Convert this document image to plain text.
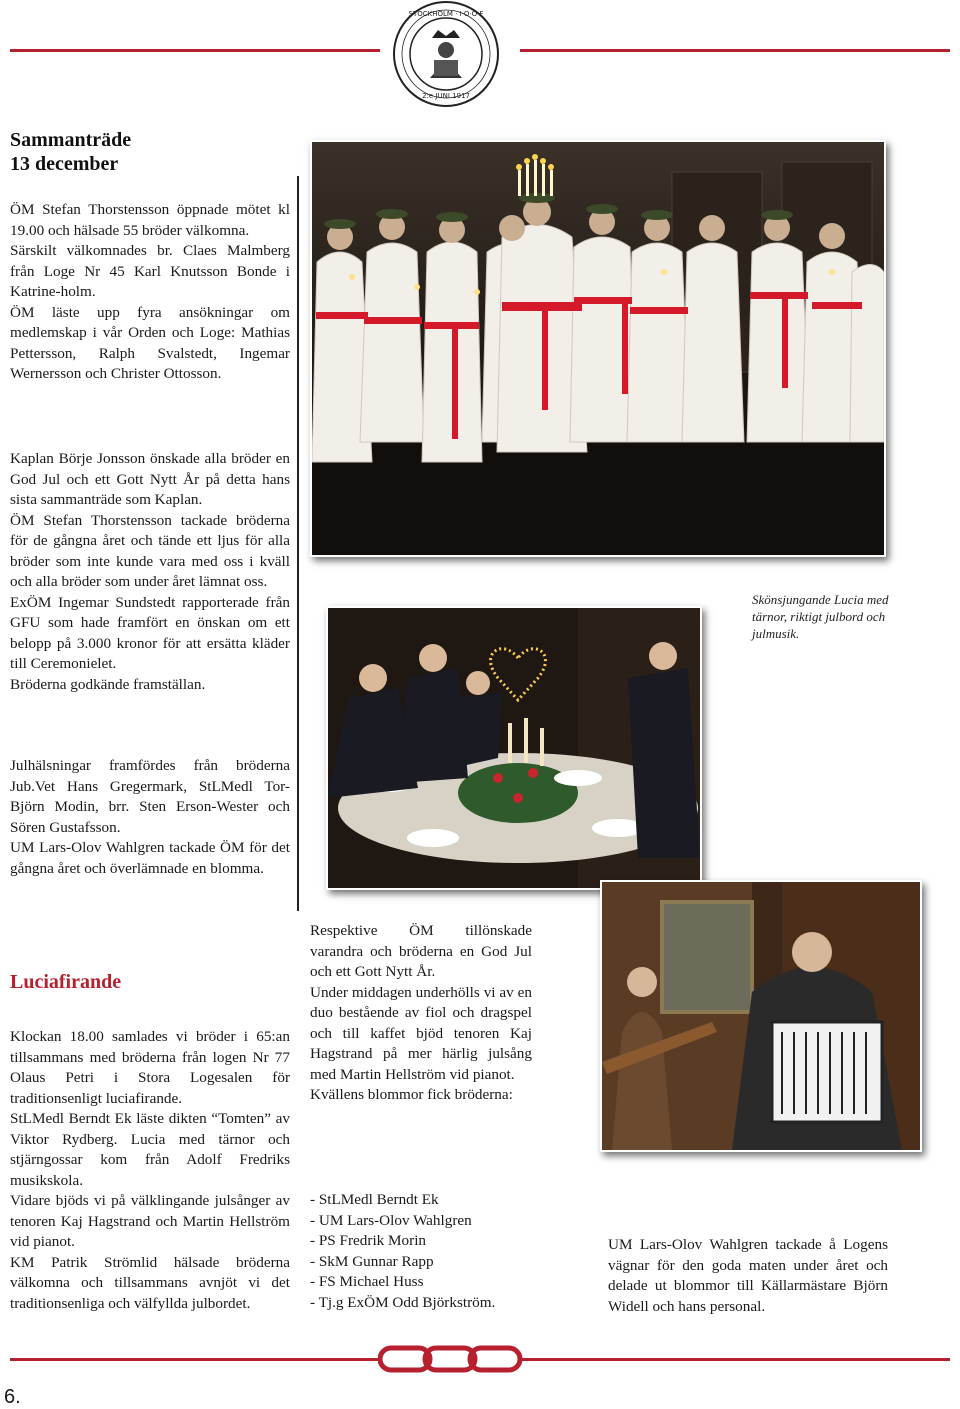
STOCKHOLM · I·O·O·F
2:e JUNI 1917
Sammanträde
13 december

ÖM Stefan Thorstensson öppnade mötet kl 19.00 och hälsade 55 bröder välkomna.

Särskilt välkomnades br. Claes Malmberg från Loge Nr 45 Karl Knutsson Bonde i Katrine-holm.

ÖM läste upp fyra ansökningar om medlemskap i vår Orden och Loge: Mathias Pettersson, Ralph Svalstedt, Ingemar Wernersson och Christer Ottosson.

Kaplan Börje Jonsson önskade alla bröder en God Jul och ett Gott Nytt År på detta hans sista sammanträde som Kaplan.

ÖM Stefan Thorstensson tackade bröderna för de gångna året och tände ett ljus för alla bröder som inte kunde vara med oss i kväll och alla bröder som under året lämnat oss.

ExÖM Ingemar Sundstedt rapporterade från GFU som hade framfört en önskan om ett belopp på 3.000 kronor för att ersätta kläder till Ceremonielet.

Bröderna godkände framställan.

Julhälsningar framfördes från bröderna Jub.Vet Hans Gregermark, StLMedl Tor-Björn Modin, brr. Sten Erson-Wester och Sören Gustafsson.

UM Lars-Olov Wahlgren tackade ÖM för det gångna året och överlämnade en blomma.

Skönsjungande Lucia med tärnor, riktigt julbord och julmusik.
Luciafirande

Klockan 18.00 samlades vi bröder i 65:an tillsammans med bröderna från logen Nr 77 Olaus Petri i Stora Logesalen för traditionsenligt luciafirande.

StLMedl Berndt Ek läste dikten “Tomten” av Viktor Rydberg. Lucia med tärnor och stjärngossar kom från Adolf Fredriks musikskola.

Vidare bjöds vi på välklingande julsånger av tenoren Kaj Hagstrand och Martin Hellström vid pianot.

KM Patrik Strömlid hälsade bröderna välkomna och tillsammans avnjöt vi det traditionsenliga och välfyllda julbordet.

Respektive ÖM tillönskade varandra och bröderna en God Jul och ett Gott Nytt År.

Under middagen underhölls vi av en duo bestående av fiol och dragspel och till kaffet bjöd tenoren Kaj Hagstrand på mer härlig julsång med Martin Hellström vid pianot.

Kvällens blommor fick bröderna:

- StLMedl Berndt Ek
- UM Lars-Olov Wahlgren
- PS Fredrik Morin
- SkM Gunnar Rapp
- FS Michael Huss
- Tj.g ExÖM Odd Björkström.
UM Lars-Olov Wahlgren tackade å Logens vägnar för den goda maten under året och delade ut blommor till Källarmästare Björn Widell och hans personal.
6.
